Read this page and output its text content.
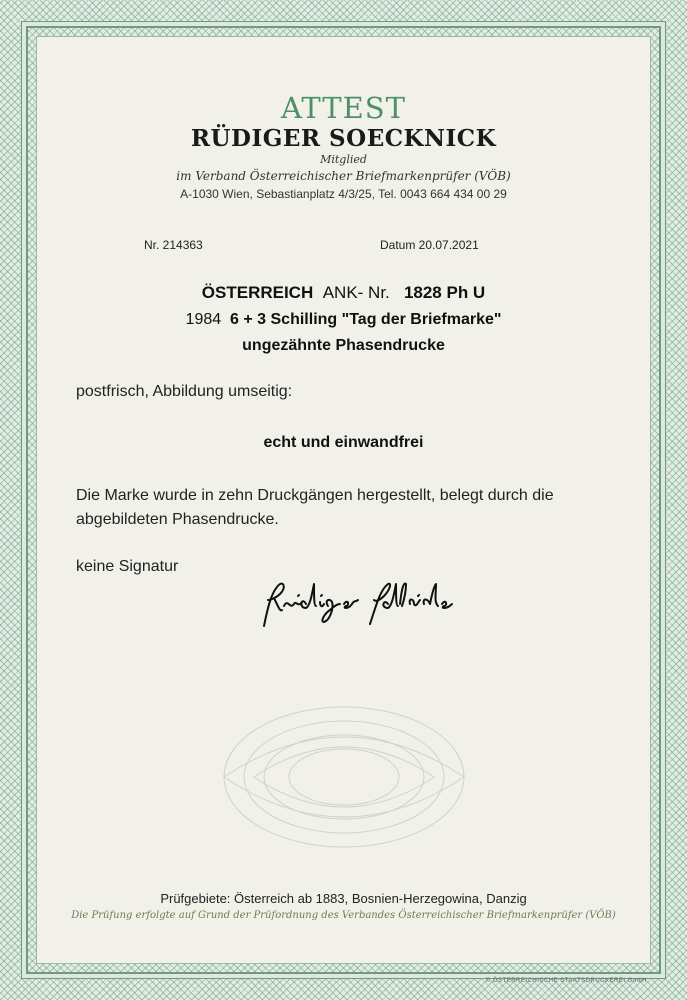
ATTEST
RÜDIGER SOECKNICK
Mitglied
im Verband Österreichischer Briefmarkenprüfer (VÖB)
A-1030 Wien, Sebastianplatz 4/3/25, Tel. 0043 664 434 00 29
Nr. 214363	Datum 20.07.2021
ÖSTERREICH ANK- Nr. 1828 Ph U
1984 6 + 3 Schilling "Tag der Briefmarke"
ungezähnte Phasendrucke
postfrisch, Abbildung umseitig:
echt und einwandfrei
Die Marke wurde in zehn Druckgängen hergestellt, belegt durch die abgebildeten Phasendrucke.
keine Signatur
Prüfgebiete: Österreich ab 1883, Bosnien-Herzegowina, Danzig
Die Prüfung erfolgte auf Grund der Prüfordnung des Verbandes Österreichischer Briefmarkenprüfer (VÖB)
© ÖSTERREICHISCHE STAATSDRUCKEREI GmbH
